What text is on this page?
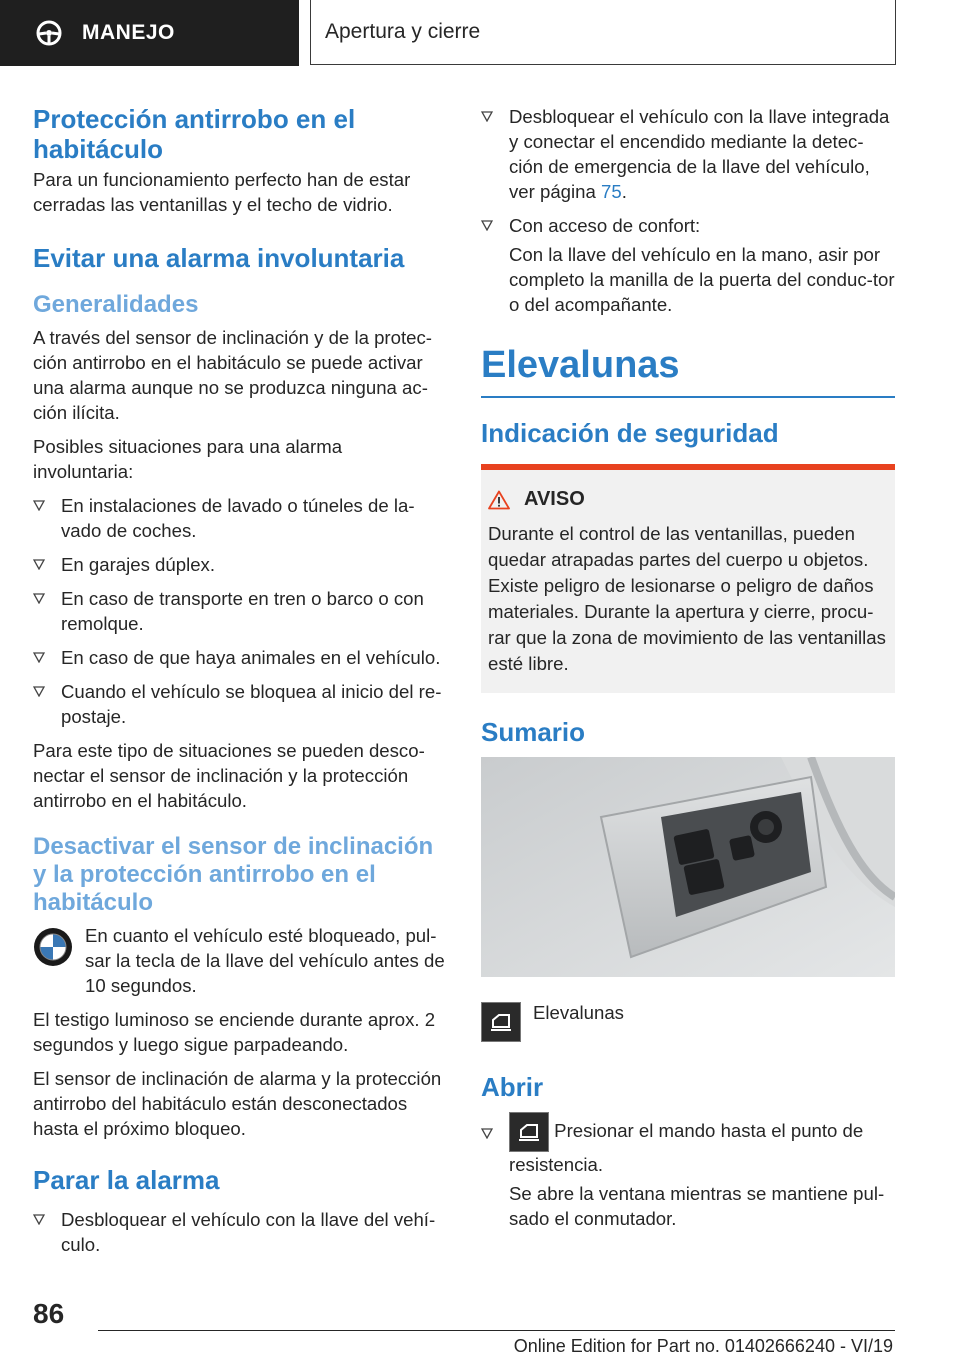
MANEJO	Apertura y cierre
Protección antirrobo en el habitáculo

Para un funcionamiento perfecto han de estar cerradas las ventanillas y el techo de vidrio.

Evitar una alarma involuntaria
Generalidades

A través del sensor de inclinación y de la protec‐ción antirrobo en el habitáculo se puede activar una alarma aunque no se produzca ninguna ac‐ción ilícita.

Posibles situaciones para una alarma involuntaria:

En instalaciones de lavado o túneles de la‐vado de coches.
En garajes dúplex.
En caso de transporte en tren o barco o con remolque.
En caso de que haya animales en el vehículo.
Cuando el vehículo se bloquea al inicio del re‐postaje.

Para este tipo de situaciones se pueden desco‐nectar el sensor de inclinación y la protección antirrobo en el habitáculo.

Desactivar el sensor de inclinación y la protección antirrobo en el habitáculo

En cuanto el vehículo esté bloqueado, pul‐sar la tecla de la llave del vehículo antes de 10 segundos.

El testigo luminoso se enciende durante aprox. 2 segundos y luego sigue parpadeando.

El sensor de inclinación de alarma y la protección antirrobo del habitáculo están desconectados hasta el próximo bloqueo.

Parar la alarma
Desbloquear el vehículo con la llave del vehí‐culo.
Desbloquear el vehículo con la llave integrada y conectar el encendido mediante la detec‐ción de emergencia de la llave del vehículo, ver página 75.
Con acceso de confort:

Con la llave del vehículo en la mano, asir por completo la manilla de la puerta del conduc‐tor o del acompañante.

Elevalunas
Indicación de seguridad
AVISO

Durante el control de las ventanillas, pueden quedar atrapadas partes del cuerpo u objetos. Existe peligro de lesionarse o peligro de daños materiales. Durante la apertura y cierre, procu‐rar que la zona de movimiento de las ventanillas esté libre.

Sumario
Elevalunas
Abrir
Presionar el mando hasta el punto de resistencia.

Se abre la ventana mientras se mantiene pul‐sado el conmutador.

86
Online Edition for Part no. 01402666240 - VI/19
